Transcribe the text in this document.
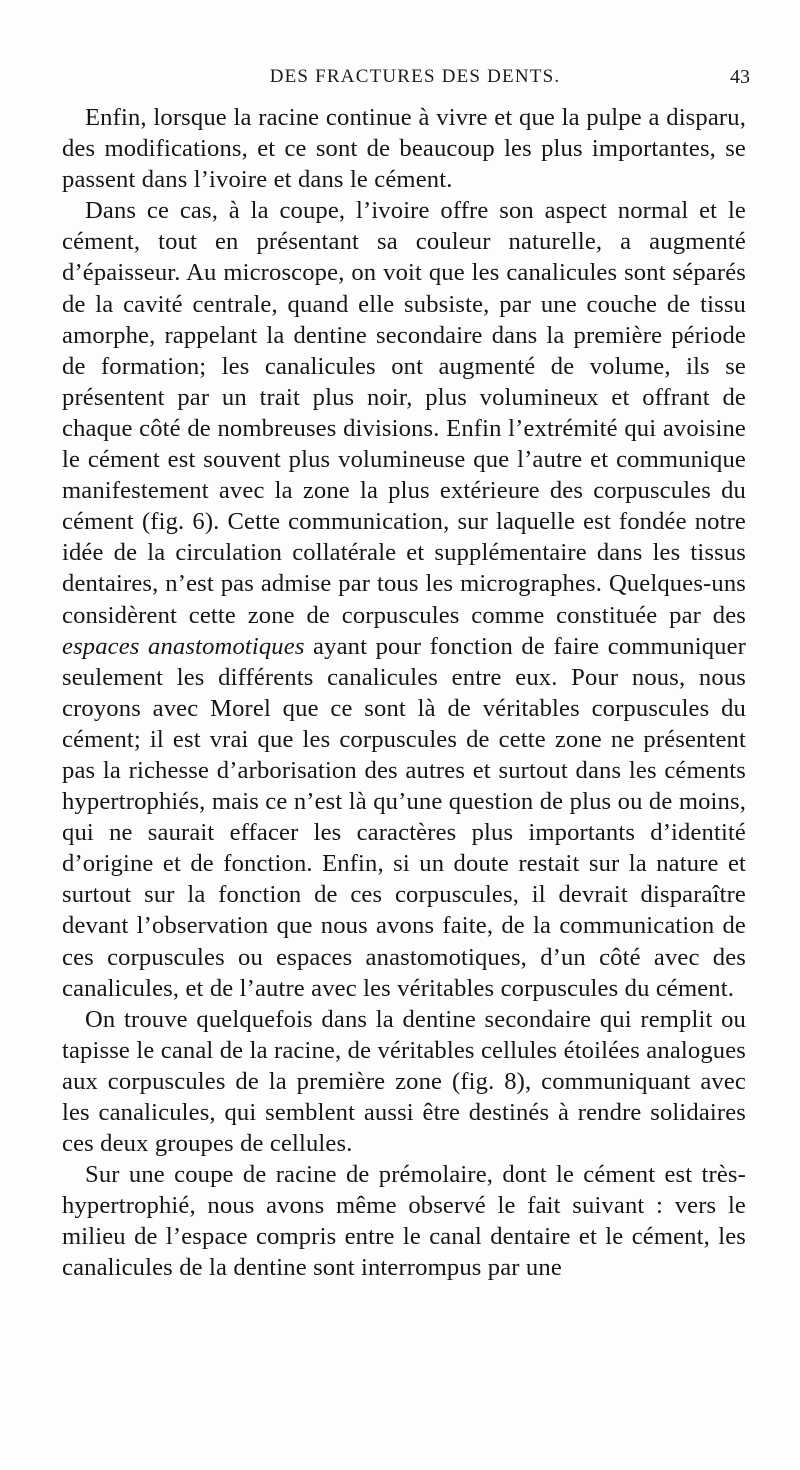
DES FRACTURES DES DENTS.	43

Enfin, lorsque la racine continue à vivre et que la pulpe a disparu, des modifications, et ce sont de beaucoup les plus importantes, se passent dans l’ivoire et dans le cément.

Dans ce cas, à la coupe, l’ivoire offre son aspect normal et le cément, tout en présentant sa couleur naturelle, a augmenté d’épaisseur. Au microscope, on voit que les canalicules sont séparés de la cavité centrale, quand elle subsiste, par une couche de tissu amorphe, rappelant la dentine secondaire dans la première période de formation; les canalicules ont augmenté de volume, ils se présentent par un trait plus noir, plus volumineux et offrant de chaque côté de nombreuses divisions. Enfin l’extrémité qui avoisine le cément est souvent plus volumineuse que l’autre et communique manifestement avec la zone la plus extérieure des corpuscules du cément (fig. 6). Cette communication, sur laquelle est fondée notre idée de la circulation collatérale et supplémentaire dans les tissus dentaires, n’est pas admise par tous les micrographes. Quelques-uns considèrent cette zone de corpuscules comme constituée par des espaces anastomotiques ayant pour fonction de faire communiquer seulement les différents canalicules entre eux. Pour nous, nous croyons avec Morel que ce sont là de véritables corpuscules du cément; il est vrai que les corpuscules de cette zone ne présentent pas la richesse d’arborisation des autres et surtout dans les céments hypertrophiés, mais ce n’est là qu’une question de plus ou de moins, qui ne saurait effacer les caractères plus importants d’identité d’origine et de fonction. Enfin, si un doute restait sur la nature et surtout sur la fonction de ces corpuscules, il devrait disparaître devant l’observation que nous avons faite, de la communication de ces corpuscules ou espaces anastomotiques, d’un côté avec des canalicules, et de l’autre avec les véritables corpuscules du cément.

On trouve quelquefois dans la dentine secondaire qui remplit ou tapisse le canal de la racine, de véritables cellules étoilées analogues aux corpuscules de la première zone (fig. 8), communiquant avec les canalicules, qui semblent aussi être destinés à rendre solidaires ces deux groupes de cellules.

Sur une coupe de racine de prémolaire, dont le cément est très-hypertrophié, nous avons même observé le fait suivant : vers le milieu de l’espace compris entre le canal dentaire et le cément, les canalicules de la dentine sont interrompus par une
